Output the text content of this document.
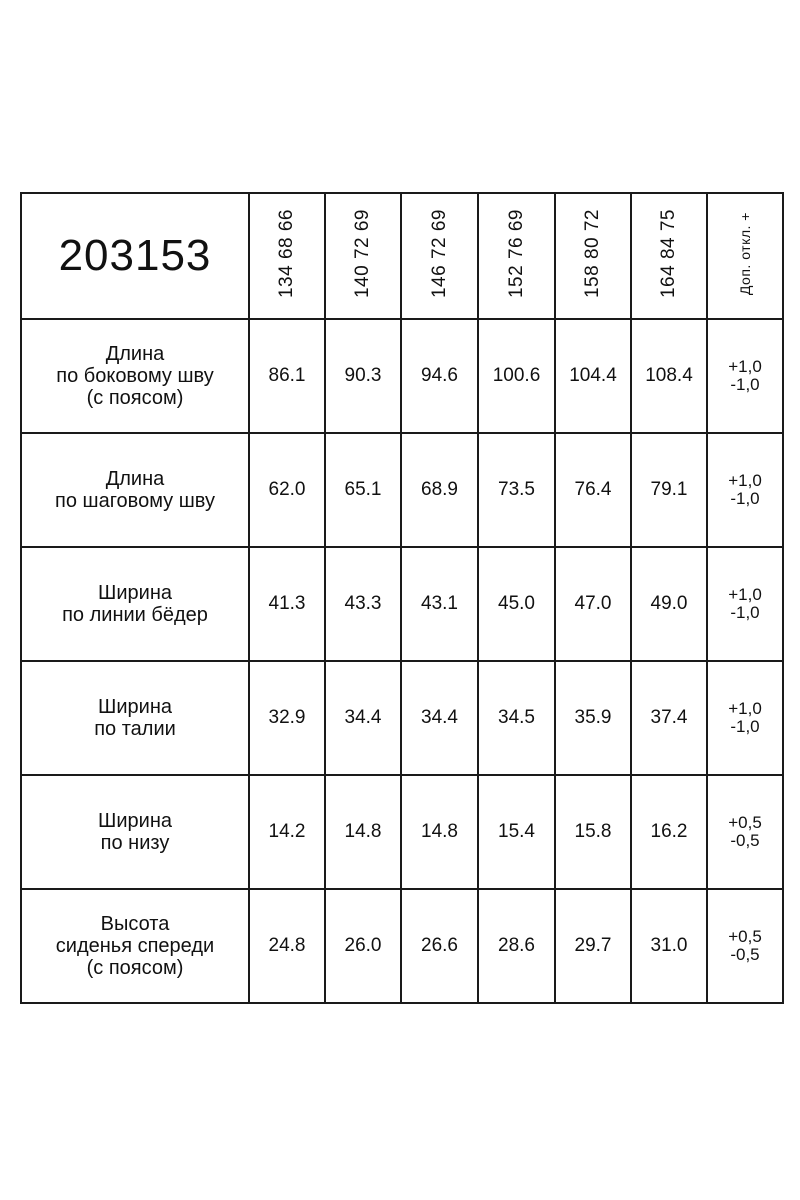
203153	134 68 66	140 72 69	146 72 69	152 76 69	158 80 72	164 84 75	Доп. откл. +

Длина
по боковому шву
(с поясом)	86.1	90.3	94.6	100.6	104.4	108.4	+1,0
-1,0

Длина
по шаговому шву	62.0	65.1	68.9	73.5	76.4	79.1	+1,0
-1,0

Ширина
по линии бёдер	41.3	43.3	43.1	45.0	47.0	49.0	+1,0
-1,0

Ширина
по талии	32.9	34.4	34.4	34.5	35.9	37.4	+1,0
-1,0

Ширина
по низу	14.2	14.8	14.8	15.4	15.8	16.2	+0,5
-0,5

Высота
сиденья спереди
(с поясом)	24.8	26.0	26.6	28.6	29.7	31.0	+0,5
-0,5
